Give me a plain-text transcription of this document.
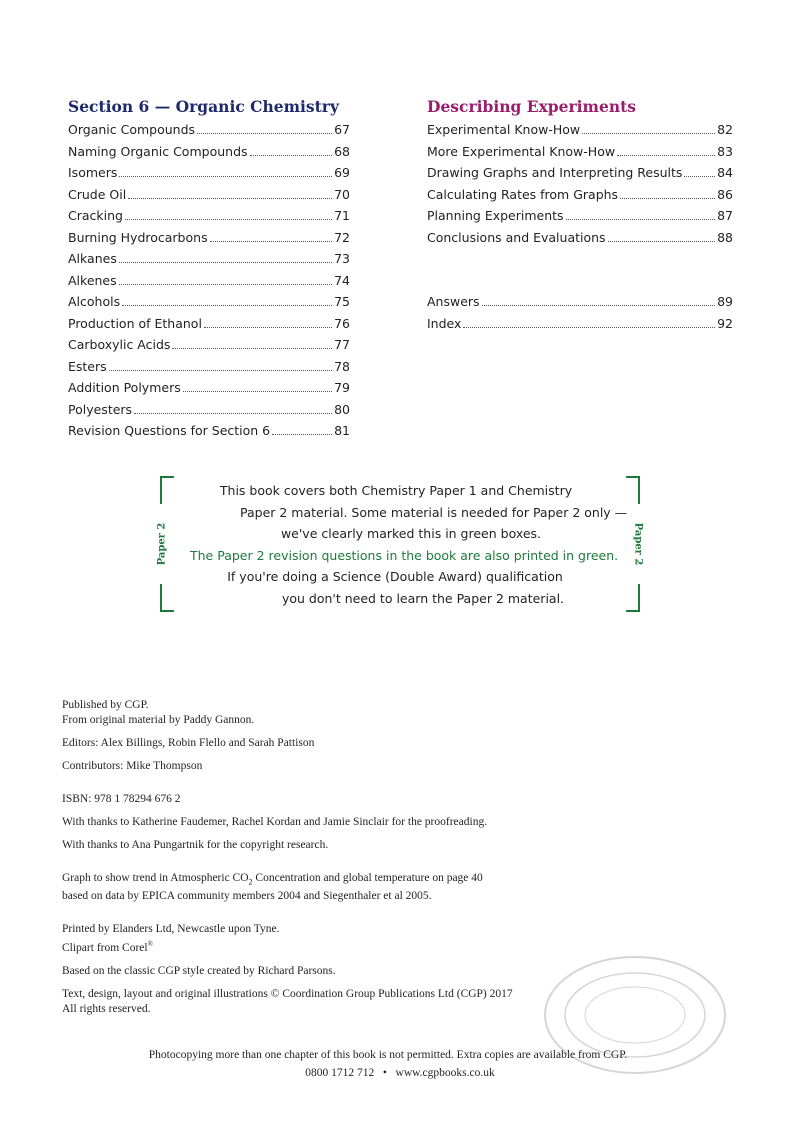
Section 6 — Organic Chemistry
Organic Compounds	67
Naming Organic Compounds	68
Isomers	69
Crude Oil	70
Cracking	71
Burning Hydrocarbons	72
Alkanes	73
Alkenes	74
Alcohols	75
Production of Ethanol	76
Carboxylic Acids	77
Esters	78
Addition Polymers	79
Polyesters	80
Revision Questions for Section 6	81
Describing Experiments
Experimental Know-How	82
More Experimental Know-How	83
Drawing Graphs and Interpreting Results	84
Calculating Rates from Graphs	86
Planning Experiments	87
Conclusions and Evaluations	88
Answers	89
Index	92
Paper 2	Paper 2
This book covers both Chemistry Paper 1 and Chemistry
Paper 2 material. Some material is needed for Paper 2 only —
we've clearly marked this in green boxes.
The Paper 2 revision questions in the book are also printed in green.
If you're doing a Science (Double Award) qualification
you don't need to learn the Paper 2 material.

Published by CGP.

From original material by Paddy Gannon.

Editors: Alex Billings, Robin Flello and Sarah Pattison

Contributors: Mike Thompson

ISBN: 978 1 78294 676 2

With thanks to Katherine Faudemer, Rachel Kordan and Jamie Sinclair for the proofreading.

With thanks to Ana Pungartnik for the copyright research.

Graph to show trend in Atmospheric $CO_2$ Concentration and global temperature on page 40

based on data by EPICA community members 2004 and Siegenthaler et al 2005.

Printed by Elanders Ltd, Newcastle upon Tyne.

Clipart from Corel®

Based on the classic CGP style created by Richard Parsons.

Text, design, layout and original illustrations © Coordination Group Publications Ltd (CGP) 2017

All rights reserved.

Photocopying more than one chapter of this book is not permitted. Extra copies are available from CGP.
0800 1712 712 • www.cgpbooks.co.uk
